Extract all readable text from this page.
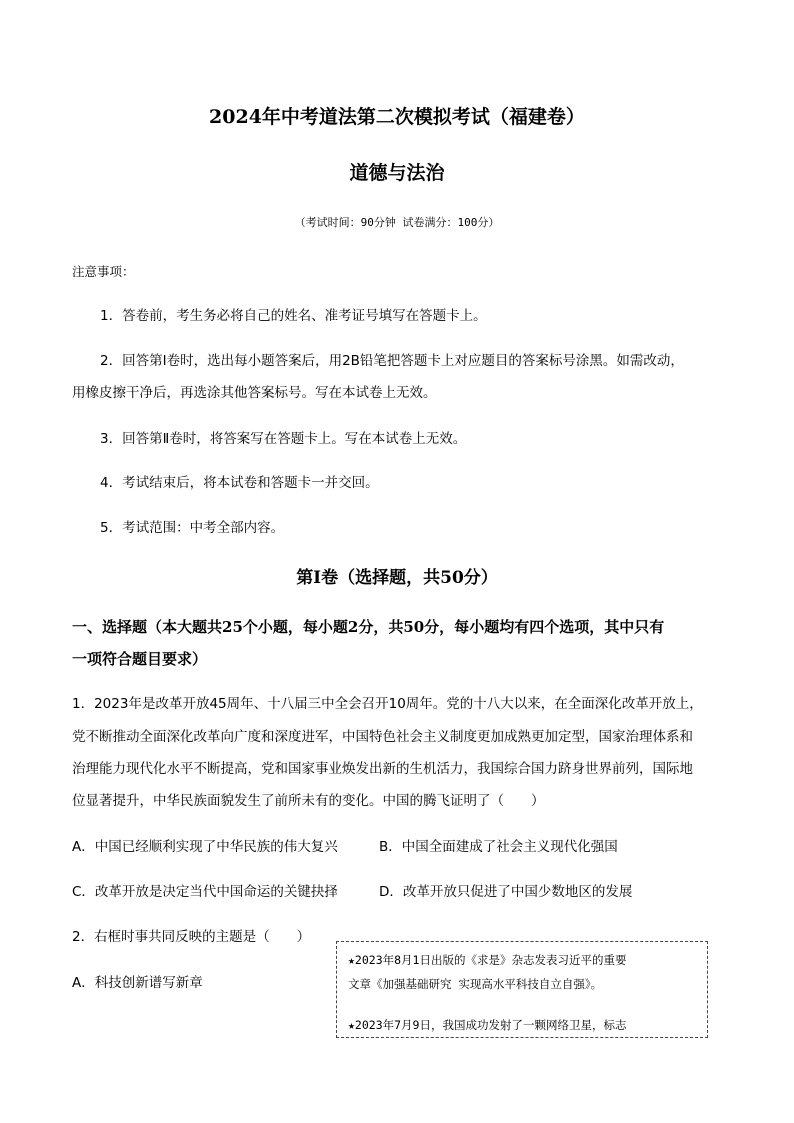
2024年中考道法第二次模拟考试（福建卷）
道德与法治
（考试时间：90分钟 试卷满分：100分）
注意事项：
1．答卷前，考生务必将自己的姓名、准考证号填写在答题卡上。
2．回答第Ⅰ卷时，选出每小题答案后，用2B铅笔把答题卡上对应题目的答案标号涂黑。如需改动，
用橡皮擦干净后，再选涂其他答案标号。写在本试卷上无效。
3．回答第Ⅱ卷时，将答案写在答题卡上。写在本试卷上无效。
4．考试结束后，将本试卷和答题卡一并交回。
5．考试范围：中考全部内容。
第Ⅰ卷（选择题，共50分）
一、选择题（本大题共25个小题，每小题2分，共50分，每小题均有四个选项，其中只有
一项符合题目要求）
1．2023年是改革开放45周年、十八届三中全会召开10周年。党的十八大以来，在全面深化改革开放上，
党不断推动全面深化改革向广度和深度进军，中国特色社会主义制度更加成熟更加定型，国家治理体系和
治理能力现代化水平不断提高，党和国家事业焕发出新的生机活力，我国综合国力跻身世界前列，国际地
位显著提升，中华民族面貌发生了前所未有的变化。中国的腾飞证明了（　　）
A．中国已经顺利实现了中华民族的伟大复兴	B．中国全面建成了社会主义现代化强国
C．改革开放是决定当代中国命运的关键抉择	D．改革开放只促进了中国少数地区的发展
2．右框时事共同反映的主题是（　　）
A．科技创新谱写新章
★2023年8月1日出版的《求是》杂志发表习近平的重要
文章《加强基础研究 实现高水平科技自立自强》。
★2023年7月9日，我国成功发射了一颗网络卫星，标志
